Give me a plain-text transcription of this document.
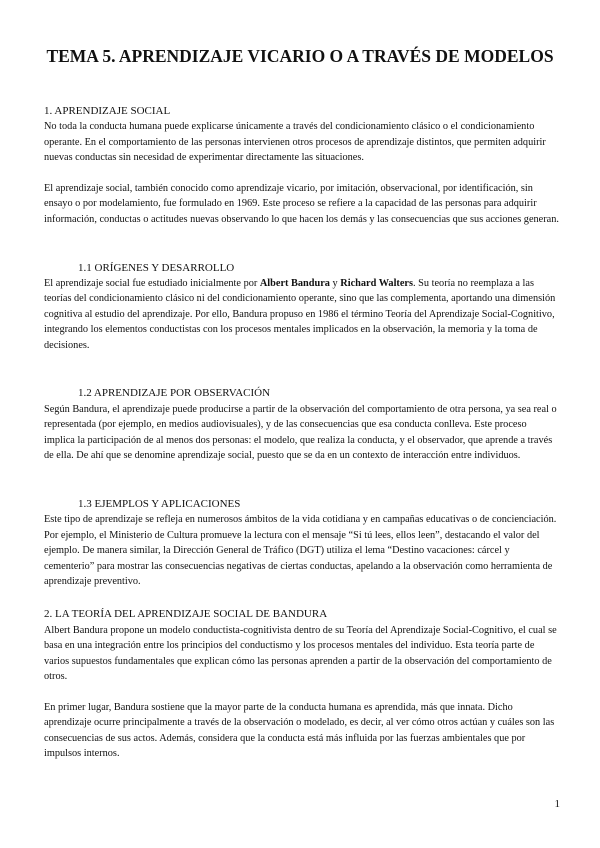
TEMA 5. APRENDIZAJE VICARIO O A TRAVÉS DE MODELOS
1. APRENDIZAJE SOCIAL

No toda la conducta humana puede explicarse únicamente a través del condicionamiento clásico o el condicionamiento operante. En el comportamiento de las personas intervienen otros procesos de aprendizaje distintos, que permiten adquirir nuevas conductas sin necesidad de experimentar directamente las situaciones.

El aprendizaje social, también conocido como aprendizaje vicario, por imitación, observacional, por identificación, sin ensayo o por modelamiento, fue formulado en 1969. Este proceso se refiere a la capacidad de las personas para adquirir información, conductas o actitudes nuevas observando lo que hacen los demás y las consecuencias que sus acciones generan.

1.1 ORÍGENES Y DESARROLLO

El aprendizaje social fue estudiado inicialmente por Albert Bandura y Richard Walters. Su teoría no reemplaza a las teorías del condicionamiento clásico ni del condicionamiento operante, sino que las complementa, aportando una dimensión cognitiva al estudio del aprendizaje. Por ello, Bandura propuso en 1986 el término Teoría del Aprendizaje Social-Cognitivo, integrando los elementos conductistas con los procesos mentales implicados en la observación, la memoria y la toma de decisiones.

1.2 APRENDIZAJE POR OBSERVACIÓN

Según Bandura, el aprendizaje puede producirse a partir de la observación del comportamiento de otra persona, ya sea real o representada (por ejemplo, en medios audiovisuales), y de las consecuencias que esa conducta conlleva. Este proceso implica la participación de al menos dos personas: el modelo, que realiza la conducta, y el observador, que aprende a través de ella. De ahí que se denomine aprendizaje social, puesto que se da en un contexto de interacción entre individuos.

1.3 EJEMPLOS Y APLICACIONES

Este tipo de aprendizaje se refleja en numerosos ámbitos de la vida cotidiana y en campañas educativas o de concienciación. Por ejemplo, el Ministerio de Cultura promueve la lectura con el mensaje “Si tú lees, ellos leen”, destacando el valor del ejemplo. De manera similar, la Dirección General de Tráfico (DGT) utiliza el lema “Destino vacaciones: cárcel y cementerio” para mostrar las consecuencias negativas de ciertas conductas, apelando a la observación como herramienta de aprendizaje preventivo.

2. LA TEORÍA DEL APRENDIZAJE SOCIAL DE BANDURA

Albert Bandura propone un modelo conductista-cognitivista dentro de su Teoría del Aprendizaje Social-Cognitivo, el cual se basa en una integración entre los principios del conductismo y los procesos mentales del individuo. Esta teoría parte de varios supuestos fundamentales que explican cómo las personas aprenden a partir de la observación del comportamiento de otros.

En primer lugar, Bandura sostiene que la mayor parte de la conducta humana es aprendida, más que innata. Dicho aprendizaje ocurre principalmente a través de la observación o modelado, es decir, al ver cómo otros actúan y cuáles son las consecuencias de sus actos. Además, considera que la conducta está más influida por las fuerzas ambientales que por impulsos internos.

1
